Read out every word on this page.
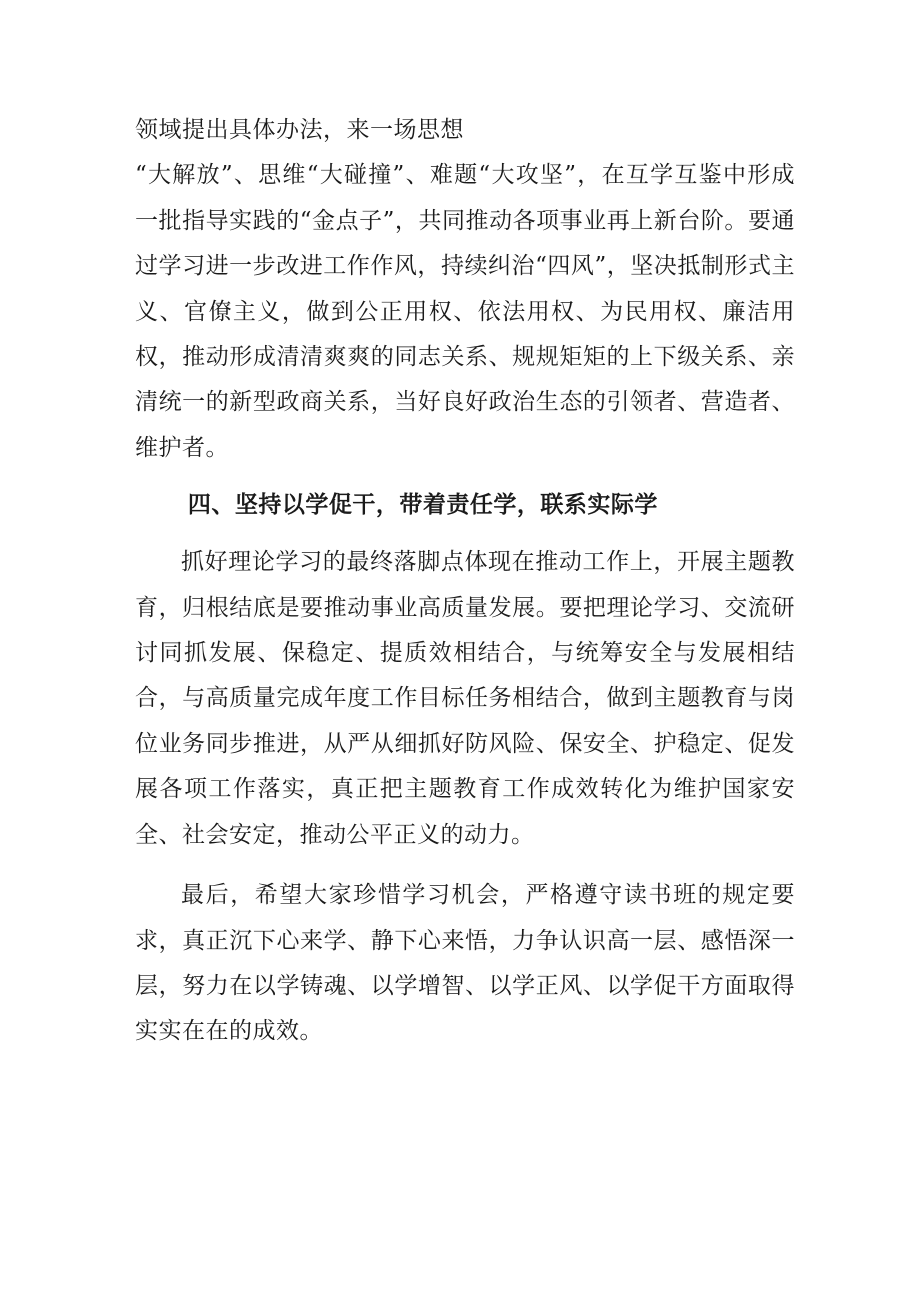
领域提出具体办法，来一场思想

“大解放”、思维“大碰撞”、难题“大攻坚”，在互学互鉴中形成一批指导实践的“金点子”，共同推动各项事业再上新台阶。要通过学习进一步改进工作作风，持续纠治“四风”，坚决抵制形式主义、官僚主义，做到公正用权、依法用权、为民用权、廉洁用权，推动形成清清爽爽的同志关系、规规矩矩的上下级关系、亲清统一的新型政商关系，当好良好政治生态的引领者、营造者、维护者。

四、坚持以学促干，带着责任学，联系实际学

抓好理论学习的最终落脚点体现在推动工作上，开展主题教育，归根结底是要推动事业高质量发展。要把理论学习、交流研讨同抓发展、保稳定、提质效相结合，与统筹安全与发展相结合，与高质量完成年度工作目标任务相结合，做到主题教育与岗位业务同步推进，从严从细抓好防风险、保安全、护稳定、促发展各项工作落实，真正把主题教育工作成效转化为维护国家安全、社会安定，推动公平正义的动力。

最后，希望大家珍惜学习机会，严格遵守读书班的规定要求，真正沉下心来学、静下心来悟，力争认识高一层、感悟深一层，努力在以学铸魂、以学增智、以学正风、以学促干方面取得实实在在的成效。
